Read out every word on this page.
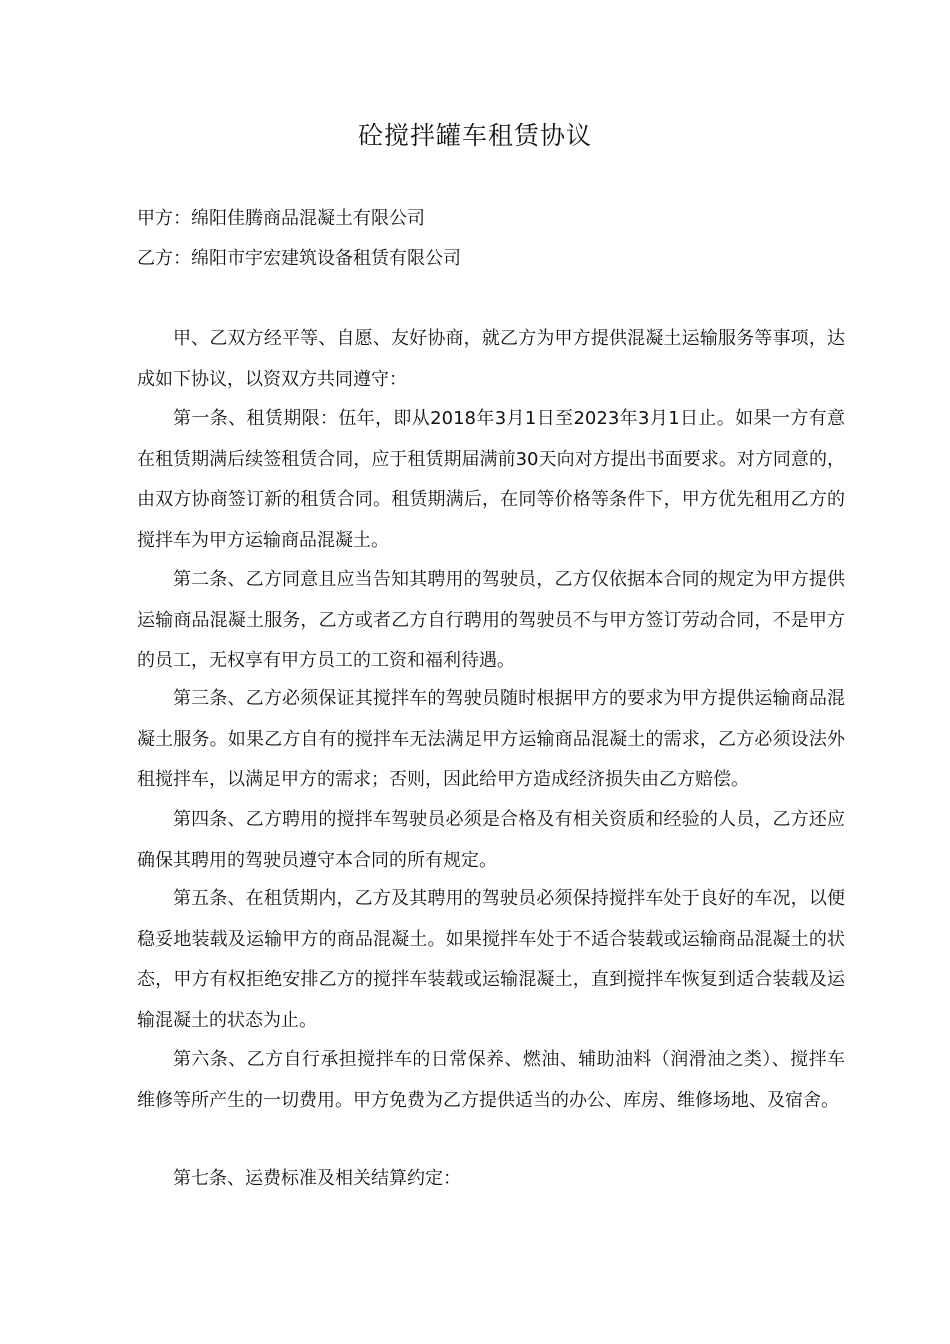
砼搅拌罐车租赁协议
甲方：绵阳佳腾商品混凝土有限公司
乙方：绵阳市宇宏建筑设备租赁有限公司

甲、乙双方经平等、自愿、友好协商，就乙方为甲方提供混凝土运输服务等事项，达成如下协议，以资双方共同遵守：

第一条、租赁期限：伍年，即从2018年3月1日至2023年3月1日止。如果一方有意在租赁期满后续签租赁合同，应于租赁期届满前30天向对方提出书面要求。对方同意的，由双方协商签订新的租赁合同。租赁期满后，在同等价格等条件下，甲方优先租用乙方的搅拌车为甲方运输商品混凝土。

第二条、乙方同意且应当告知其聘用的驾驶员，乙方仅依据本合同的规定为甲方提供运输商品混凝土服务，乙方或者乙方自行聘用的驾驶员不与甲方签订劳动合同，不是甲方的员工，无权享有甲方员工的工资和福利待遇。

第三条、乙方必须保证其搅拌车的驾驶员随时根据甲方的要求为甲方提供运输商品混凝土服务。如果乙方自有的搅拌车无法满足甲方运输商品混凝土的需求，乙方必须设法外租搅拌车，以满足甲方的需求；否则，因此给甲方造成经济损失由乙方赔偿。

第四条、乙方聘用的搅拌车驾驶员必须是合格及有相关资质和经验的人员，乙方还应确保其聘用的驾驶员遵守本合同的所有规定。

第五条、在租赁期内，乙方及其聘用的驾驶员必须保持搅拌车处于良好的车况，以便稳妥地装载及运输甲方的商品混凝土。如果搅拌车处于不适合装载或运输商品混凝土的状态，甲方有权拒绝安排乙方的搅拌车装载或运输混凝土，直到搅拌车恢复到适合装载及运输混凝土的状态为止。

第六条、乙方自行承担搅拌车的日常保养、燃油、辅助油料（润滑油之类）、搅拌车维修等所产生的一切费用。甲方免费为乙方提供适当的办公、库房、维修场地、及宿舍。

第七条、运费标准及相关结算约定：
